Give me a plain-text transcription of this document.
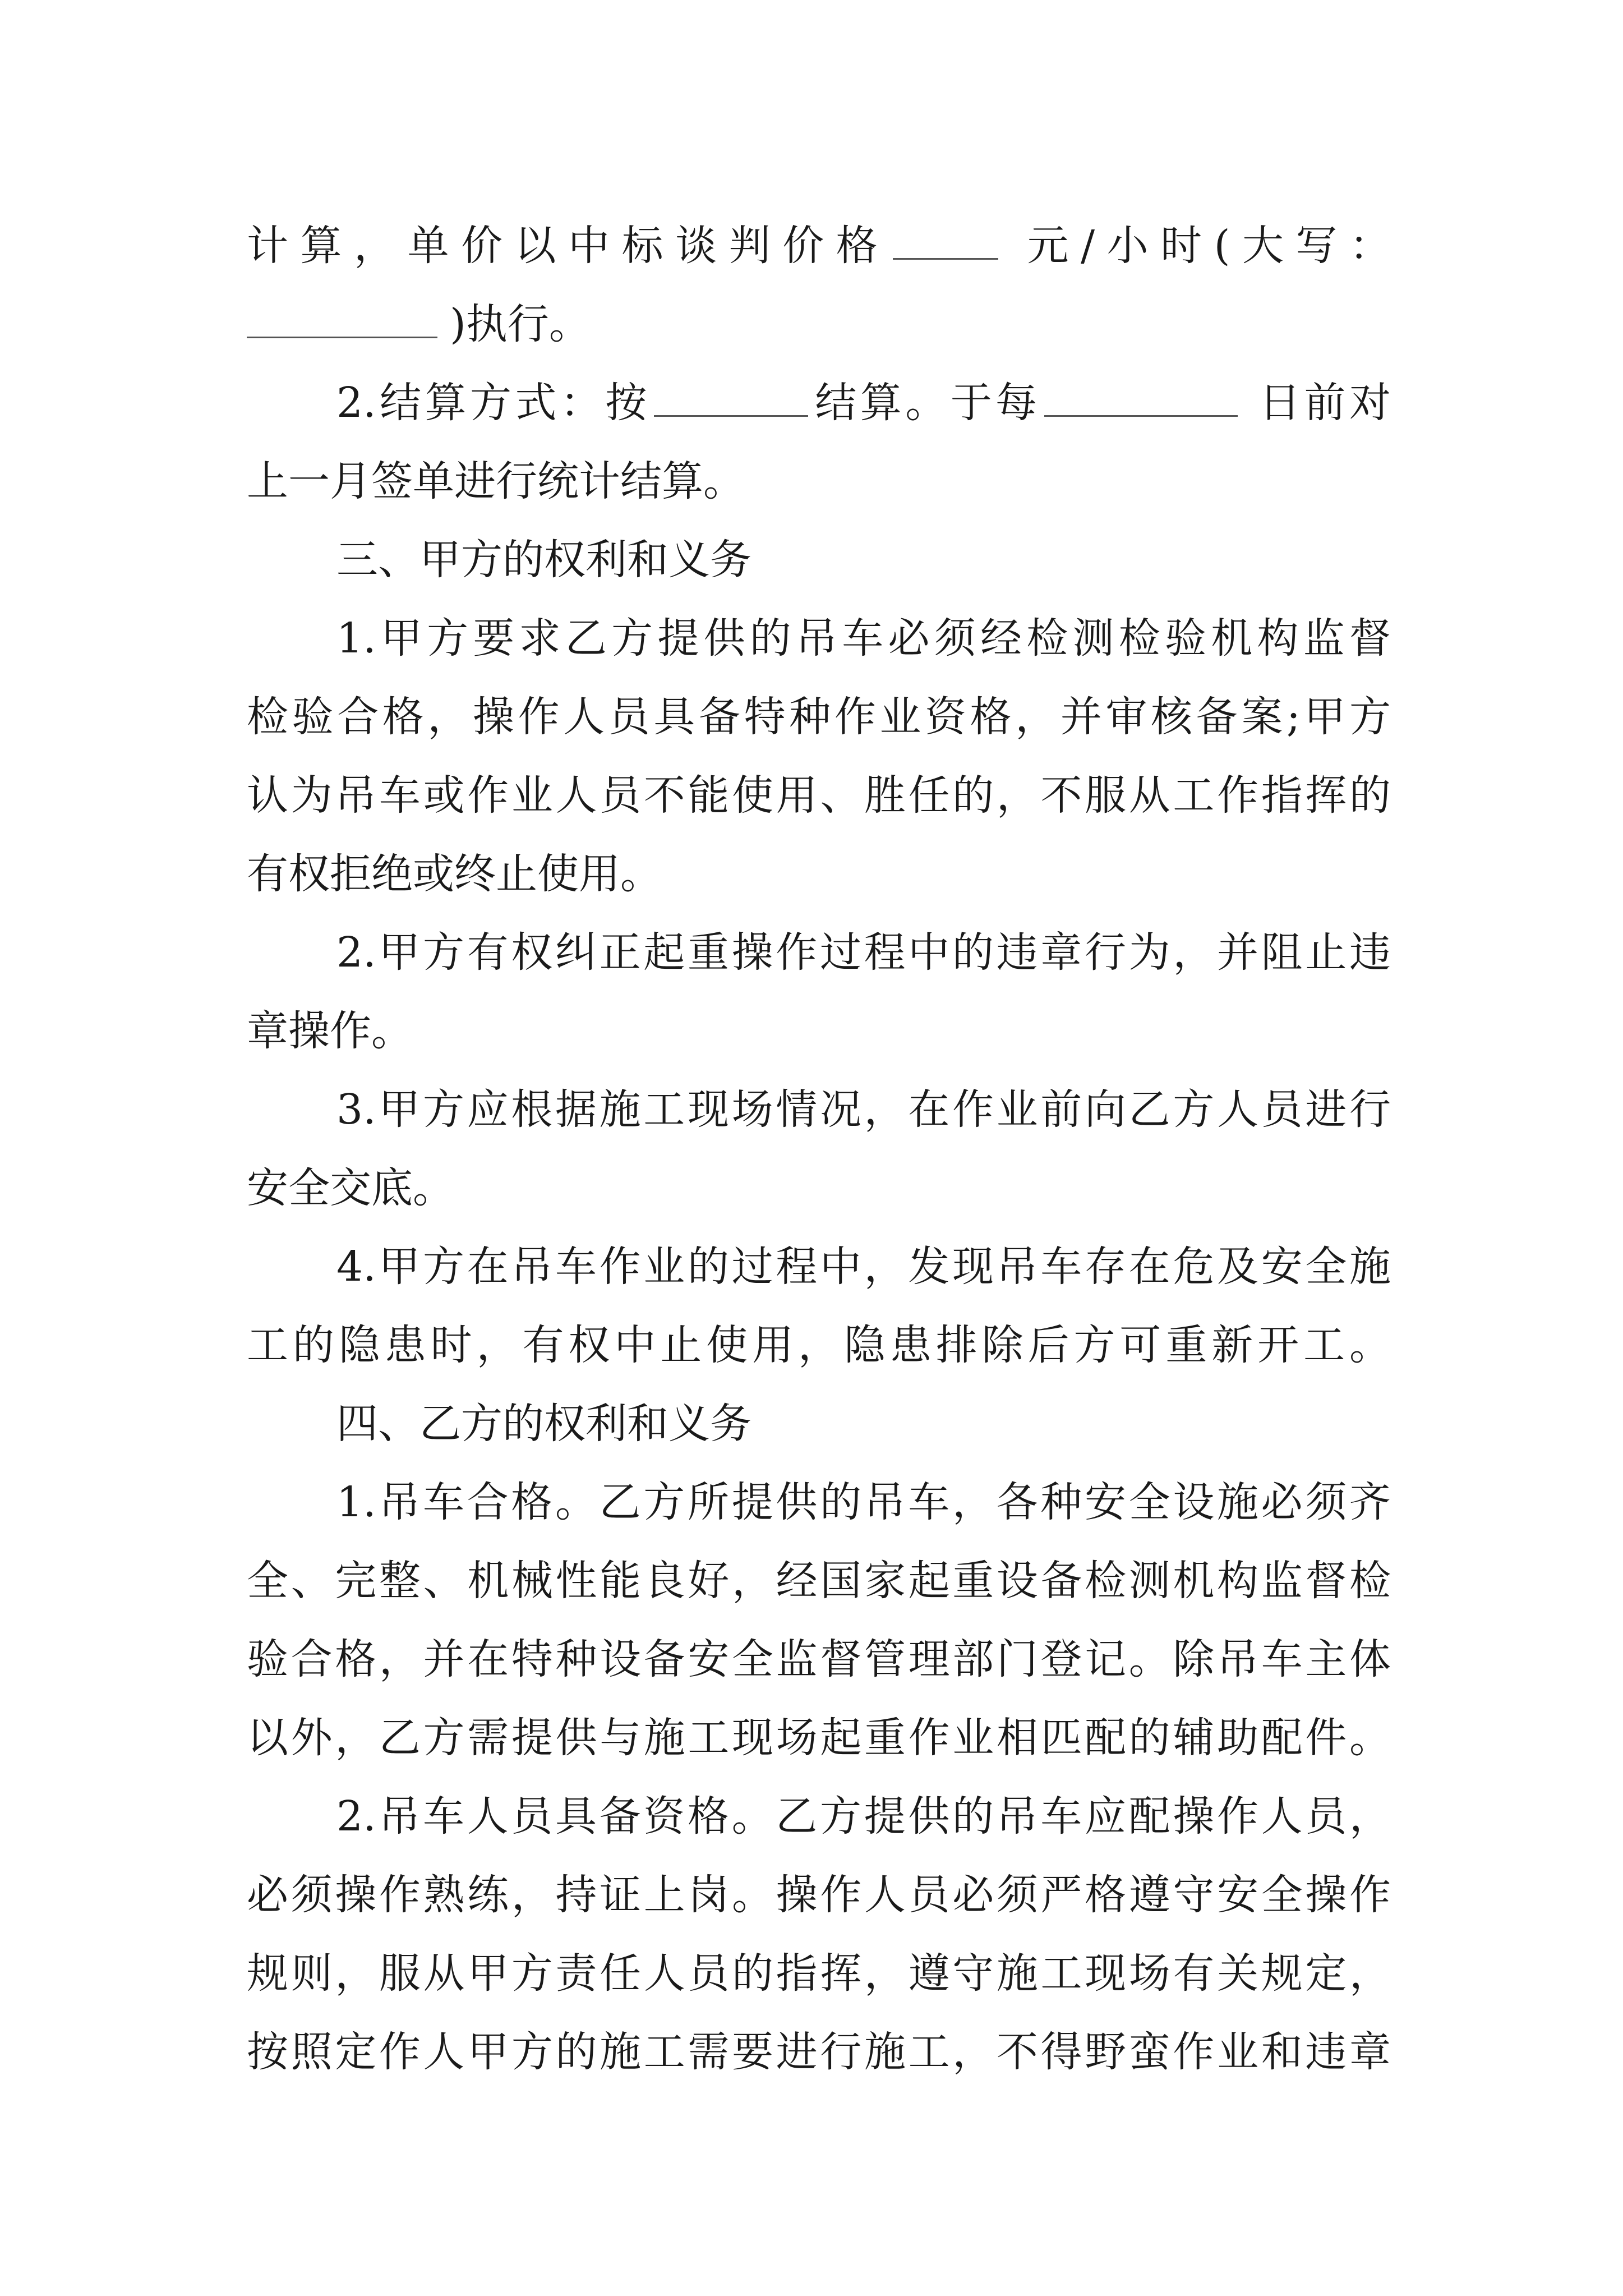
计算，单价以中标谈判价格	元/小时(大写：
)执行。
2.结算方式：按	结算。于每	日前对
上一月签单进行统计结算。
三、甲方的权利和义务
1.甲方要求乙方提供的吊车必须经检测检验机构监督
检验合格，操作人员具备特种作业资格，并审核备案;甲方
认为吊车或作业人员不能使用、胜任的，不服从工作指挥的
有权拒绝或终止使用。
2.甲方有权纠正起重操作过程中的违章行为，并阻止违
章操作。
3.甲方应根据施工现场情况，在作业前向乙方人员进行
安全交底。
4.甲方在吊车作业的过程中，发现吊车存在危及安全施
工的隐患时，有权中止使用，隐患排除后方可重新开工。
四、乙方的权利和义务
1.吊车合格。乙方所提供的吊车，各种安全设施必须齐
全、完整、机械性能良好，经国家起重设备检测机构监督检
验合格，并在特种设备安全监督管理部门登记。除吊车主体
以外，乙方需提供与施工现场起重作业相匹配的辅助配件。
2.吊车人员具备资格。乙方提供的吊车应配操作人员，
必须操作熟练，持证上岗。操作人员必须严格遵守安全操作
规则，服从甲方责任人员的指挥，遵守施工现场有关规定，
按照定作人甲方的施工需要进行施工，不得野蛮作业和违章
